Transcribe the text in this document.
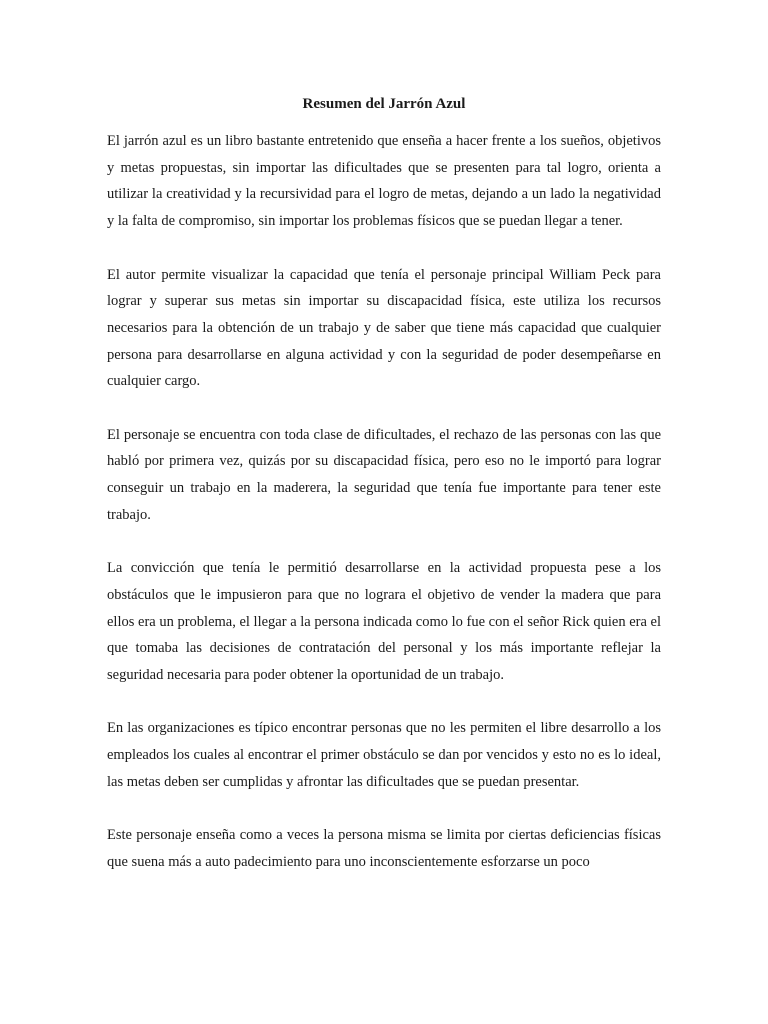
Resumen del Jarrón Azul

El jarrón azul es un libro bastante entretenido que enseña a hacer frente a los sueños, objetivos y metas propuestas, sin importar las dificultades que se presenten para tal logro, orienta a utilizar la creatividad y la recursividad para el logro de metas, dejando a un lado la negatividad y la falta de compromiso, sin importar los problemas físicos que se puedan llegar a tener.

El autor permite visualizar la capacidad que tenía el personaje principal William Peck para lograr y superar sus metas sin importar su discapacidad física, este utiliza los recursos necesarios para la obtención de un trabajo y de saber que tiene más capacidad que cualquier persona para desarrollarse en alguna actividad y con la seguridad de poder desempeñarse en cualquier cargo.

El personaje se encuentra con toda clase de dificultades, el rechazo de las personas con las que habló por primera vez, quizás por su discapacidad física, pero eso no le importó para lograr conseguir un trabajo en la maderera, la seguridad que tenía fue importante para tener este trabajo.

La convicción que tenía le permitió desarrollarse en la actividad propuesta pese a los obstáculos que le impusieron para que no lograra el objetivo de vender la madera que para ellos era un problema, el llegar a la persona indicada como lo fue con el señor Rick quien era el que tomaba las decisiones de contratación del personal y los más importante reflejar la seguridad necesaria para poder obtener la oportunidad de un trabajo.

En las organizaciones es típico encontrar personas que no les permiten el libre desarrollo a los empleados los cuales al encontrar el primer obstáculo se dan por vencidos y esto no es lo ideal, las metas deben ser cumplidas y afrontar las dificultades que se puedan presentar.

Este personaje enseña como a veces la persona misma se limita por ciertas deficiencias físicas que suena más a auto padecimiento para uno inconscientemente esforzarse un poco
